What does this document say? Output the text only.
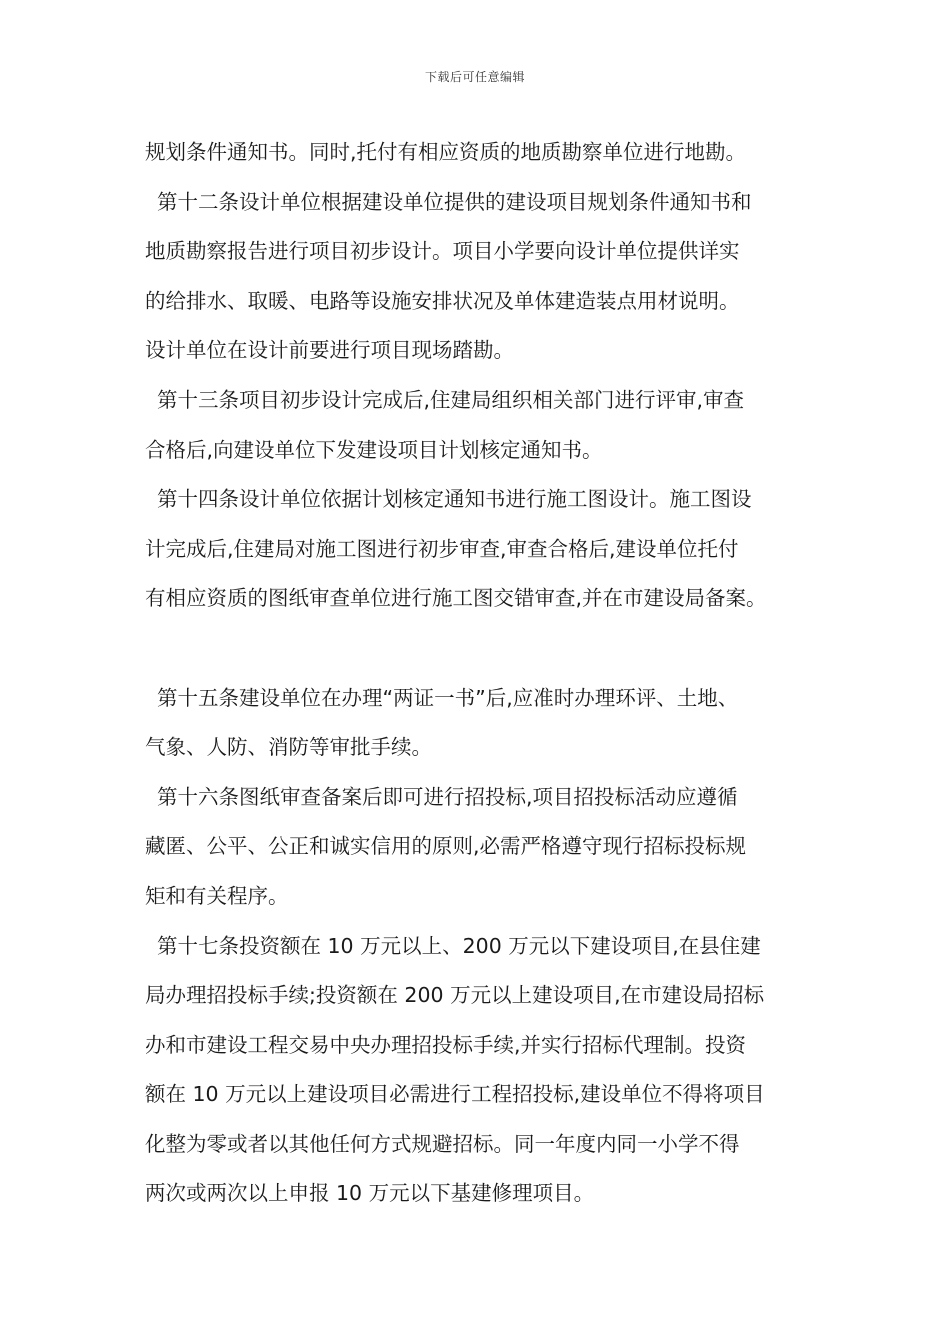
下载后可任意编辑
规划条件通知书。同时,托付有相应资质的地质勘察单位进行地勘。
第十二条设计单位根据建设单位提供的建设项目规划条件通知书和
地质勘察报告进行项目初步设计。项目小学要向设计单位提供详实
的给排水、取暖、电路等设施安排状况及单体建造装点用材说明。
设计单位在设计前要进行项目现场踏勘。
第十三条项目初步设计完成后,住建局组织相关部门进行评审,审查
合格后,向建设单位下发建设项目计划核定通知书。
第十四条设计单位依据计划核定通知书进行施工图设计。施工图设
计完成后,住建局对施工图进行初步审查,审查合格后,建设单位托付
有相应资质的图纸审查单位进行施工图交错审查,并在市建设局备案。
第十五条建设单位在办理“两证一书”后,应准时办理环评、土地、
气象、人防、消防等审批手续。
第十六条图纸审查备案后即可进行招投标,项目招投标活动应遵循
藏匿、公平、公正和诚实信用的原则,必需严格遵守现行招标投标规
矩和有关程序。
第十七条投资额在 10 万元以上、200 万元以下建设项目,在县住建
局办理招投标手续;投资额在 200 万元以上建设项目,在市建设局招标
办和市建设工程交易中央办理招投标手续,并实行招标代理制。投资
额在 10 万元以上建设项目必需进行工程招投标,建设单位不得将项目
化整为零或者以其他任何方式规避招标。同一年度内同一小学不得
两次或两次以上申报 10 万元以下基建修理项目。
